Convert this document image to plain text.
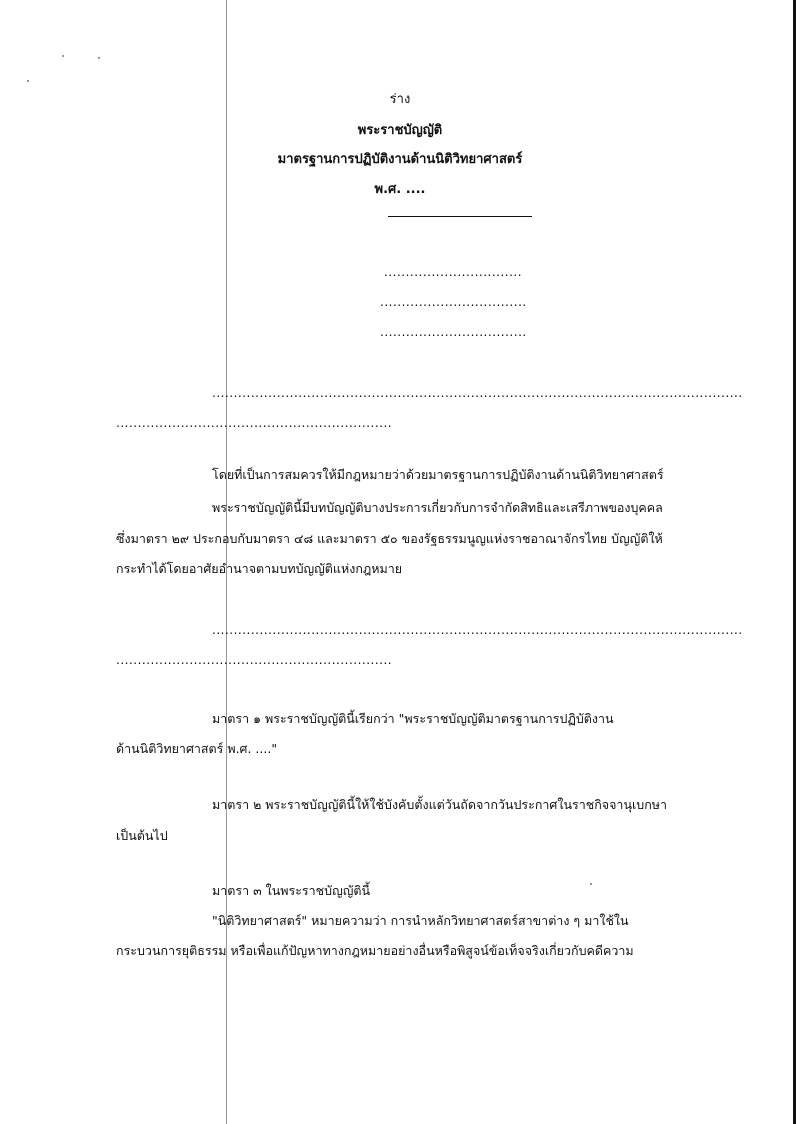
ร่าง
พระราชบัญญัติ
มาตรฐานการปฏิบัติงานด้านนิติวิทยาศาสตร์
พ.ศ. ....
................................
..................................
..................................
...........................................................................................................................
................................................................
โดยที่เป็นการสมควรให้มีกฎหมายว่าด้วยมาตรฐานการปฏิบัติงานด้านนิติวิทยาศาสตร์
พระราชบัญญัตินี้มีบทบัญญัติบางประการเกี่ยวกับการจำกัดสิทธิและเสรีภาพของบุคคล
ซึ่งมาตรา ๒๙ ประกอบกับมาตรา ๔๘ และมาตรา ๕๐ ของรัฐธรรมนูญแห่งราชอาณาจักรไทย บัญญัติให้
กระทำได้โดยอาศัยอำนาจตามบทบัญญัติแห่งกฎหมาย
...........................................................................................................................
................................................................
มาตรา ๑ พระราชบัญญัตินี้เรียกว่า "พระราชบัญญัติมาตรฐานการปฏิบัติงาน
ด้านนิติวิทยาศาสตร์ พ.ศ. ...."
มาตรา ๒ พระราชบัญญัตินี้ให้ใช้บังคับตั้งแต่วันถัดจากวันประกาศในราชกิจจานุเบกษา
เป็นต้นไป
มาตรา ๓ ในพระราชบัญญัตินี้
"นิติวิทยาศาสตร์" หมายความว่า การนำหลักวิทยาศาสตร์สาขาต่าง ๆ มาใช้ใน
กระบวนการยุติธรรม หรือเพื่อแก้ปัญหาทางกฎหมายอย่างอื่นหรือพิสูจน์ข้อเท็จจริงเกี่ยวกับคดีความ
